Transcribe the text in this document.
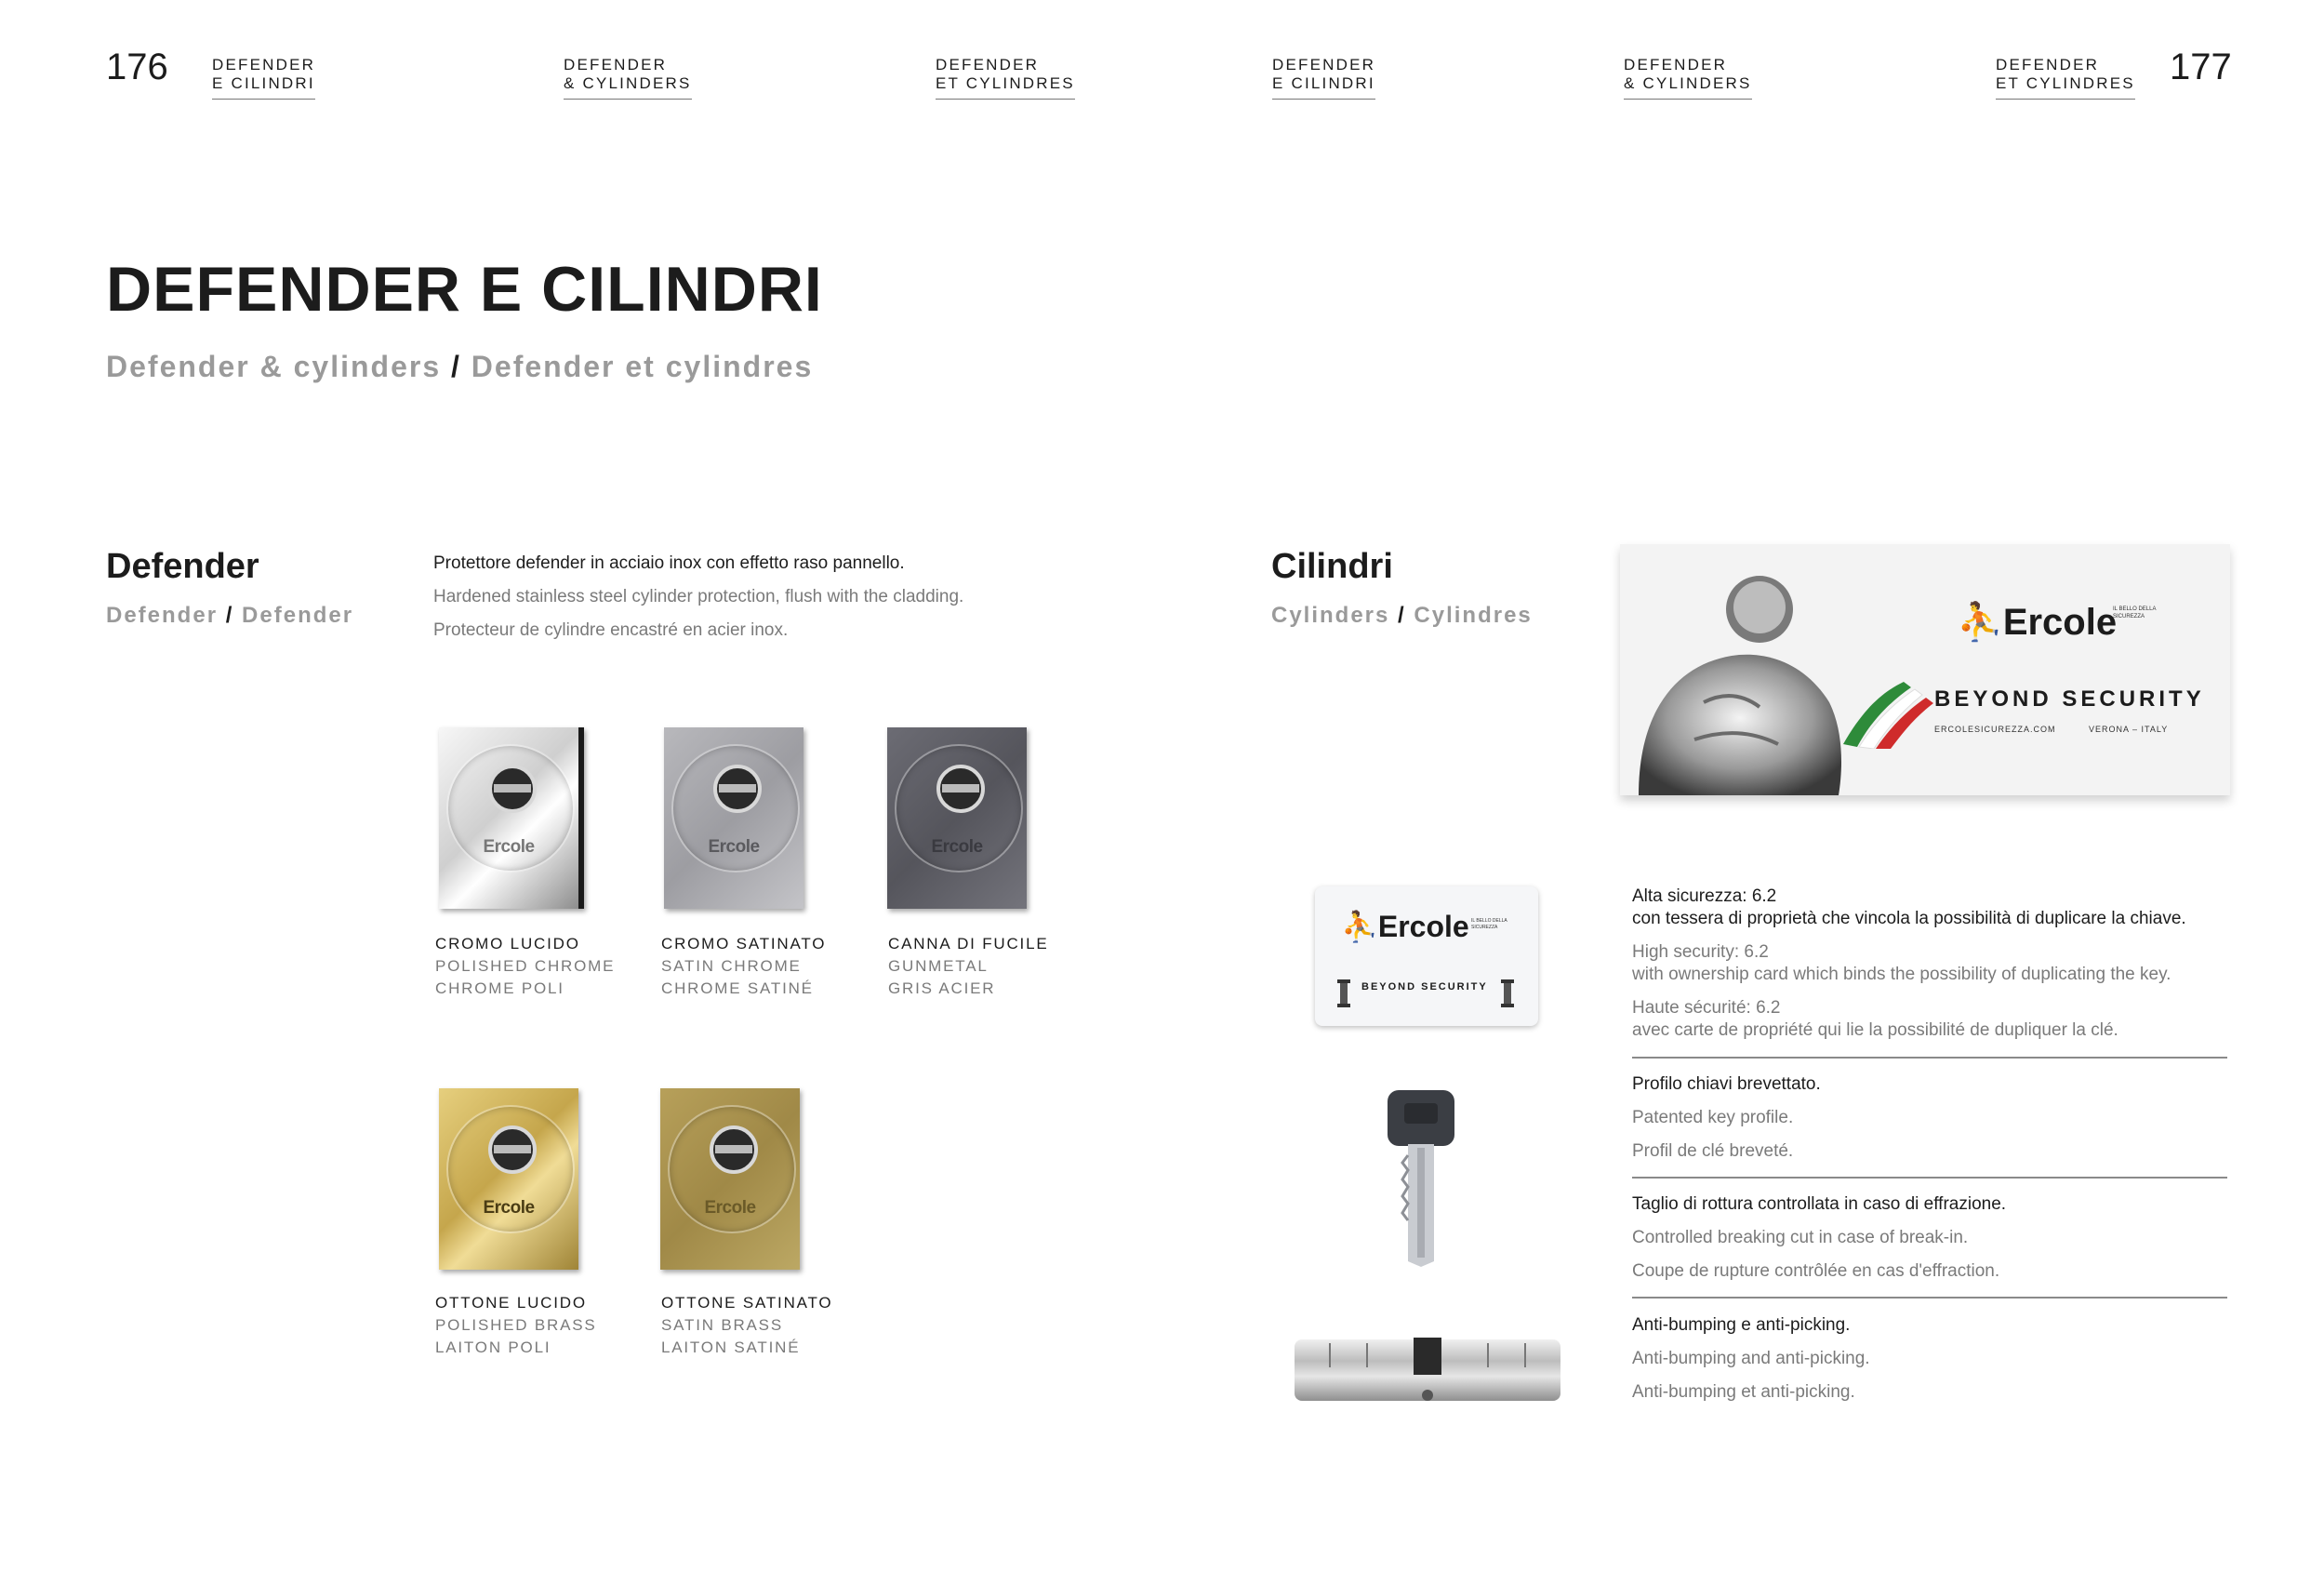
176	177
DEFENDER
E CILINDRI
DEFENDER
& CYLINDERS
DEFENDER
ET CYLINDRES
DEFENDER
E CILINDRI
DEFENDER
& CYLINDERS
DEFENDER
ET CYLINDRES
DEFENDER E CILINDRI
Defender & cylinders / Defender et cylindres
Defender
Defender / Defender
Protettore defender in acciaio inox con effetto raso pannello.
Hardened stainless steel cylinder protection, flush with the cladding.
Protecteur de cylindre encastré en acier inox.
Ercole	Ercole	Ercole
CROMO LUCIDO
POLISHED CHROME
CHROME POLI
CROMO SATINATO
SATIN CHROME
CHROME SATINÉ
CANNA DI FUCILE
GUNMETAL
GRIS ACIER
Ercole	Ercole
OTTONE LUCIDO
POLISHED BRASS
LAITON POLI
OTTONE SATINATO
SATIN BRASS
LAITON SATINÉ
Cilindri
Cylinders / Cylindres	⛹Ercole
IL BELLO DELLA SICUREZZA
BEYOND SECURITY
ERCOLESICUREZZA.COM	VERONA – ITALY
⛹Ercole IL BELLO DELLA SICUREZZA
BEYOND SECURITY
Alta sicurezza: 6.2
con tessera di proprietà che vincola la possibilità di duplicare la chiave.
High security: 6.2
with ownership card which binds the possibility of duplicating the key.
Haute sécurité: 6.2
avec carte de propriété qui lie la possibilité de dupliquer la clé.
Profilo chiavi brevettato.
Patented key profile.
Profil de clé breveté.
Taglio di rottura controllata in caso di effrazione.
Controlled breaking cut in case of break-in.
Coupe de rupture contrôlée en cas d'effraction.
Anti-bumping e anti-picking.
Anti-bumping and anti-picking.
Anti-bumping et anti-picking.
